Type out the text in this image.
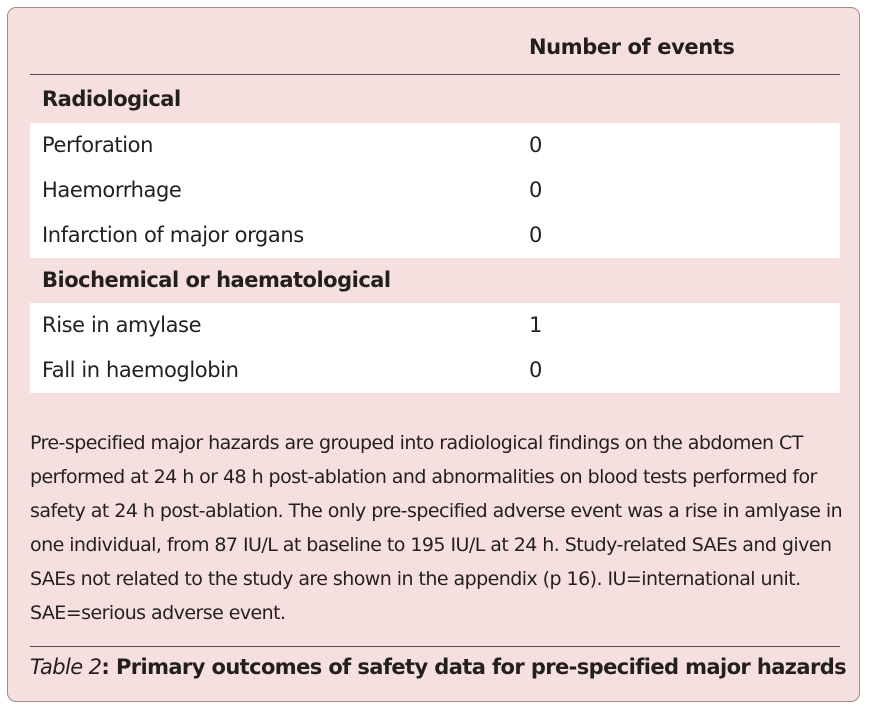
Number of events
Radiological
Perforation	0
Haemorrhage	0
Infarction of major organs	0
Biochemical or haematological
Rise in amylase	1
Fall in haemoglobin	0
Pre-specified major hazards are grouped into radiological findings on the abdomen CT performed at 24 h or 48 h post-ablation and abnormalities on blood tests performed for safety at 24 h post-ablation. The only pre-specified adverse event was a rise in amlyase in one individual, from 87 IU/L at baseline to 195 IU/L at 24 h. Study-related SAEs and given SAEs not related to the study are shown in the appendix (p 16). IU=international unit. SAE=serious adverse event.
Table 2: Primary outcomes of safety data for pre-specified major hazards
